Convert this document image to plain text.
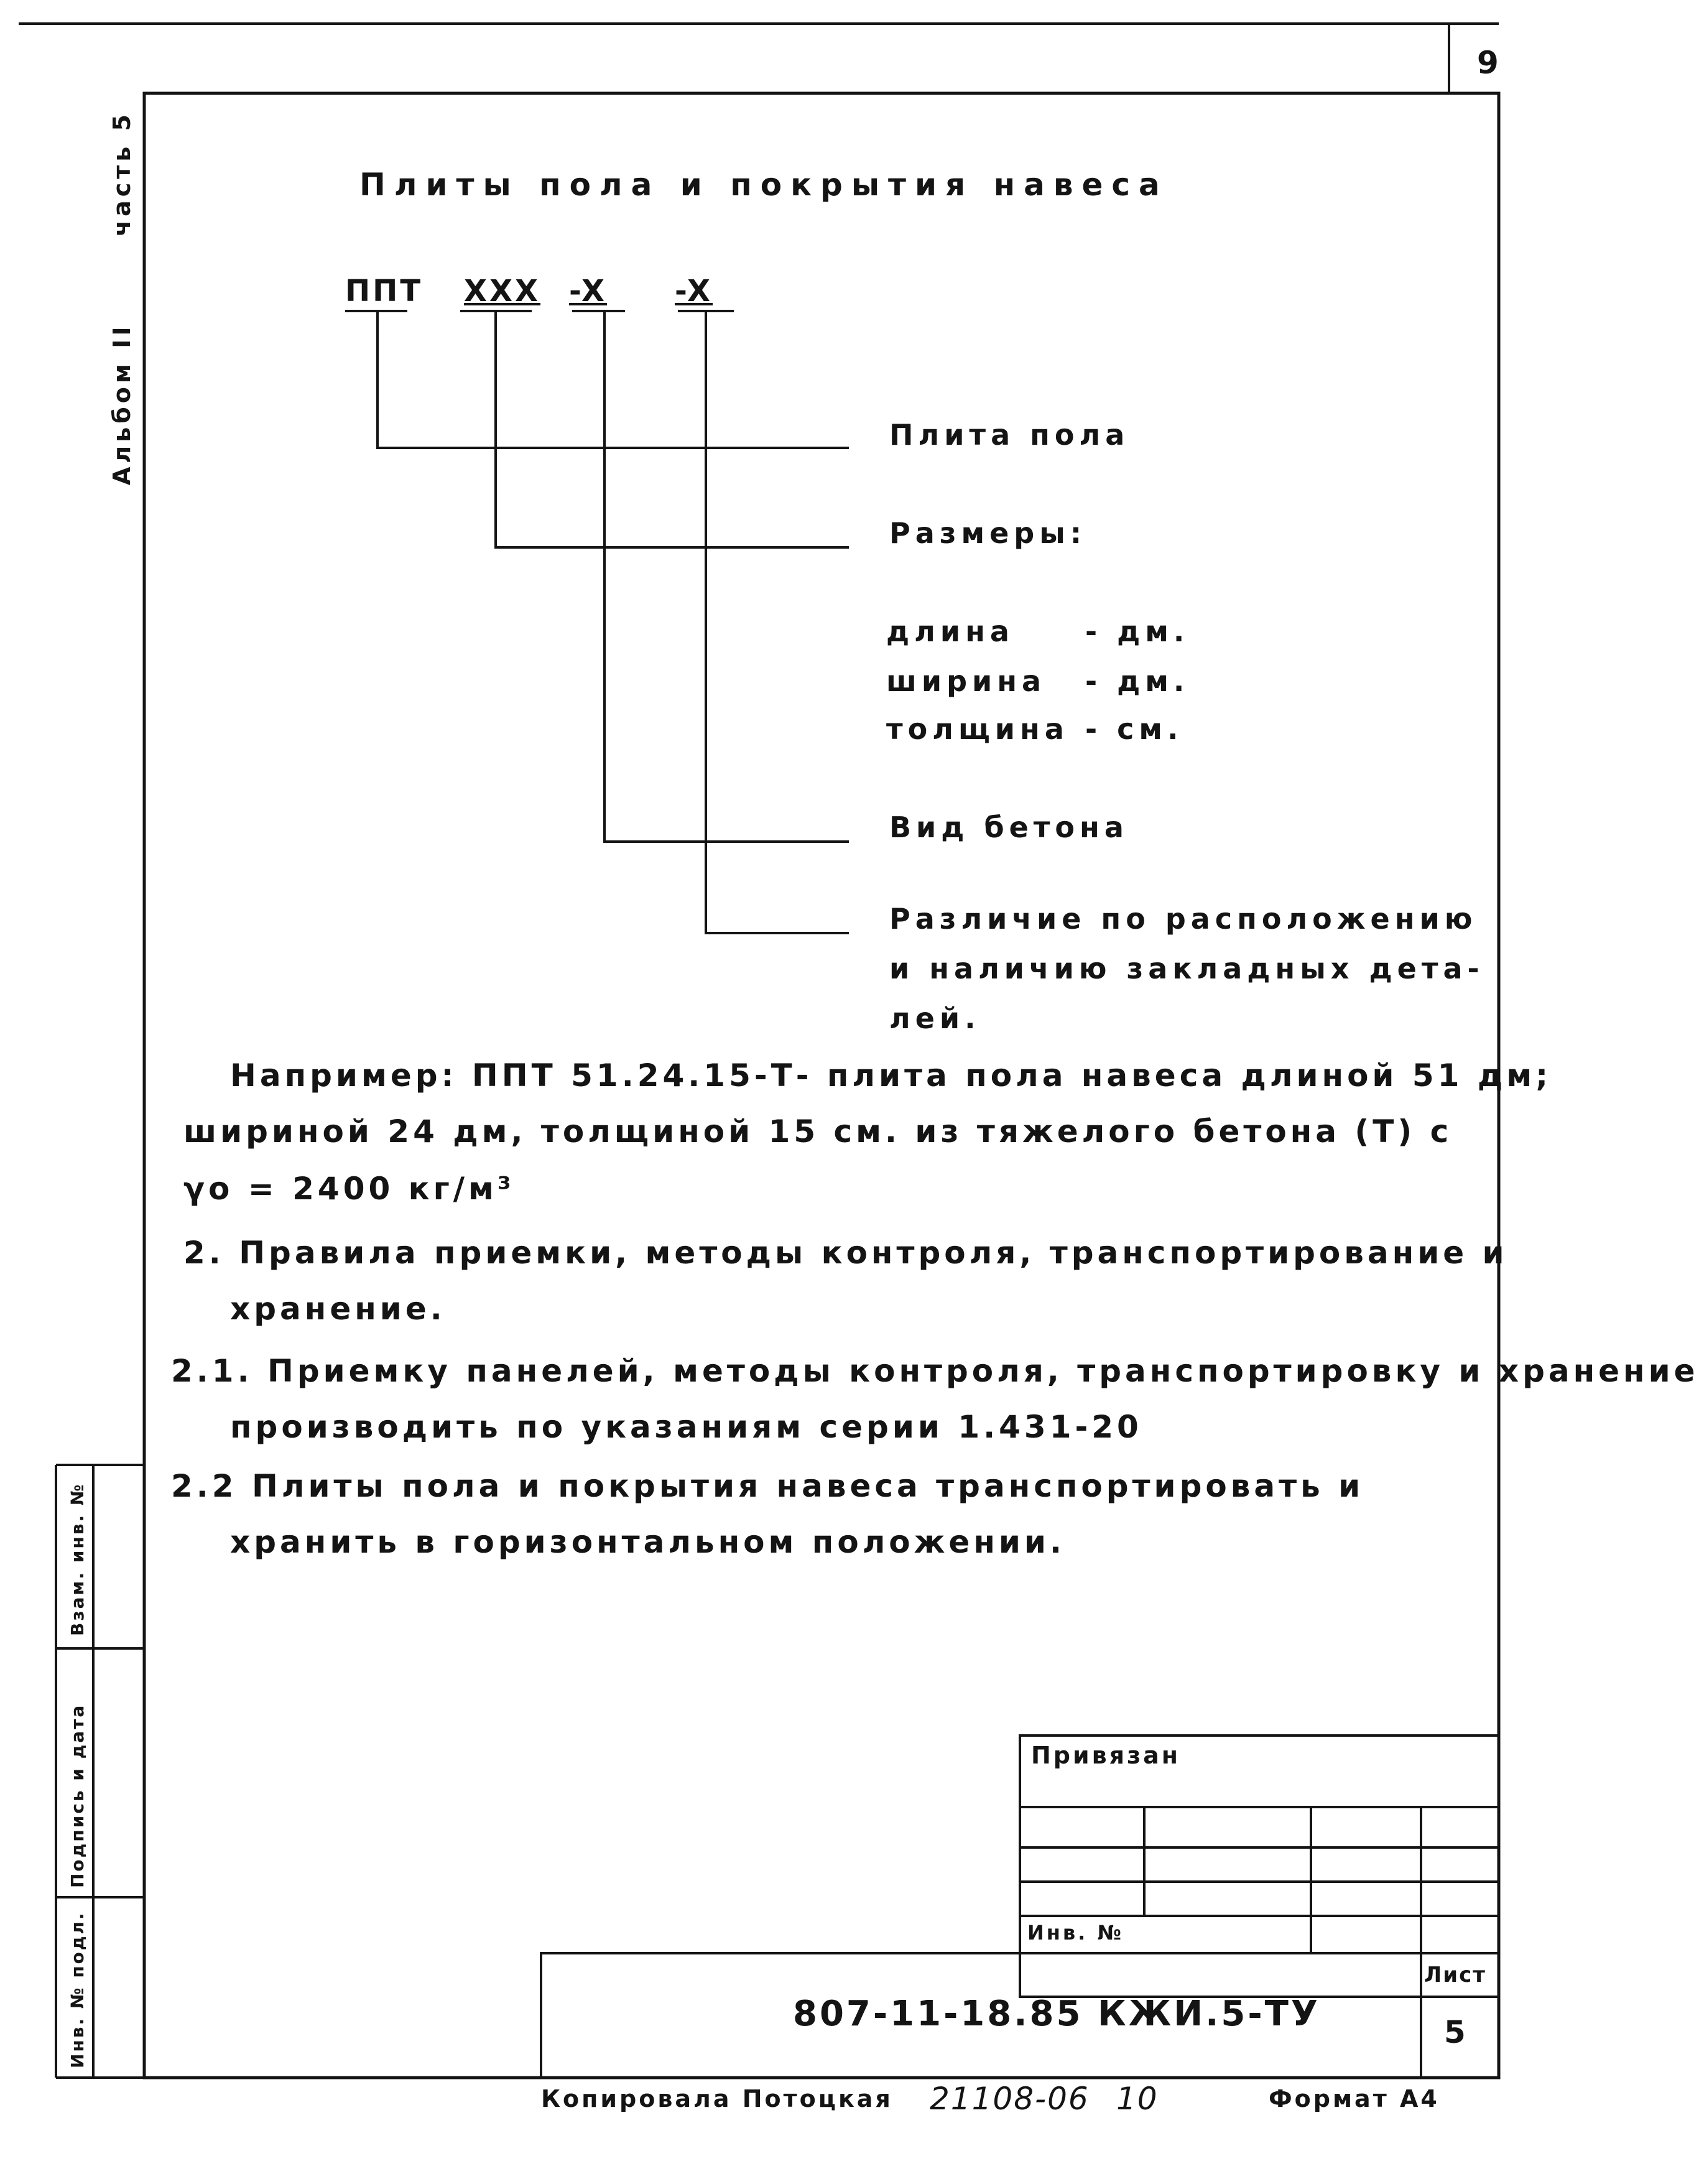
9
часть 5
Альбом II
Плиты пола и покрытия навеса
ППТ XXX -X -X
Плита пола
Размеры:
длина - дм.
ширина - дм.
толщина - см.
Вид бетона
Различие по расположению
и наличию закладных дета-
лей.
Например: ППТ 51.24.15-Т- плита пола навеса длиной 51 дм;
шириной 24 дм, толщиной 15 см. из тяжелого бетона (Т) с
γо = 2400 кг/м³
2. Правила приемки, методы контроля, транспортирование и
хранение.
2.1. Приемку панелей, методы контроля, транспортировку и хранение
производить по указаниям серии 1.431-20
2.2 Плиты пола и покрытия навеса транспортировать и
хранить в горизонтальном положении.
Взам. инв. №
Подпись и дата
Инв. № подл.
Привязан
Инв. №
807-11-18.85 КЖИ.5-ТУ
Лист
5
Копировала Потоцкая 21108-06 10	Формат А4
